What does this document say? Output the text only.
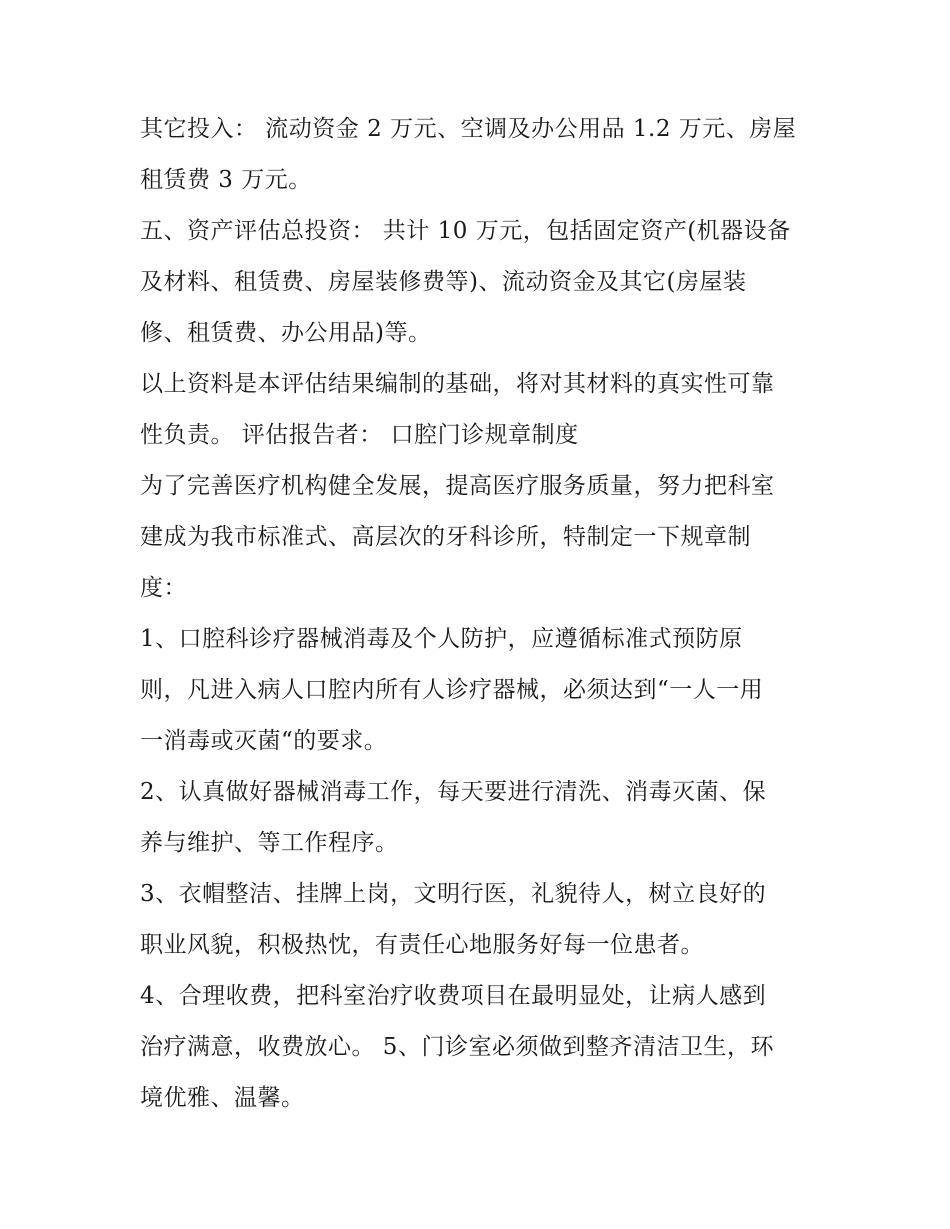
其它投入： 流动资金 2 万元、空调及办公用品 1.2 万元、房屋
租赁费 3 万元。
五、资产评估总投资： 共计 10 万元，包括固定资产(机器设备
及材料、租赁费、房屋装修费等)、流动资金及其它(房屋装
修、租赁费、办公用品)等。
以上资料是本评估结果编制的基础，将对其材料的真实性可靠
性负责。 评估报告者： 口腔门诊规章制度
为了完善医疗机构健全发展，提高医疗服务质量，努力把科室
建成为我市标准式、高层次的牙科诊所，特制定一下规章制
度：
1、口腔科诊疗器械消毒及个人防护，应遵循标准式预防原
则，凡进入病人口腔内所有人诊疗器械，必须达到“一人一用
一消毒或灭菌“的要求。
2、认真做好器械消毒工作，每天要进行清洗、消毒灭菌、保
养与维护、等工作程序。
3、衣帽整洁、挂牌上岗，文明行医，礼貌待人，树立良好的
职业风貌，积极热忱，有责任心地服务好每一位患者。
4、合理收费，把科室治疗收费项目在最明显处，让病人感到
治疗满意，收费放心。 5、门诊室必须做到整齐清洁卫生，环
境优雅、温馨。
